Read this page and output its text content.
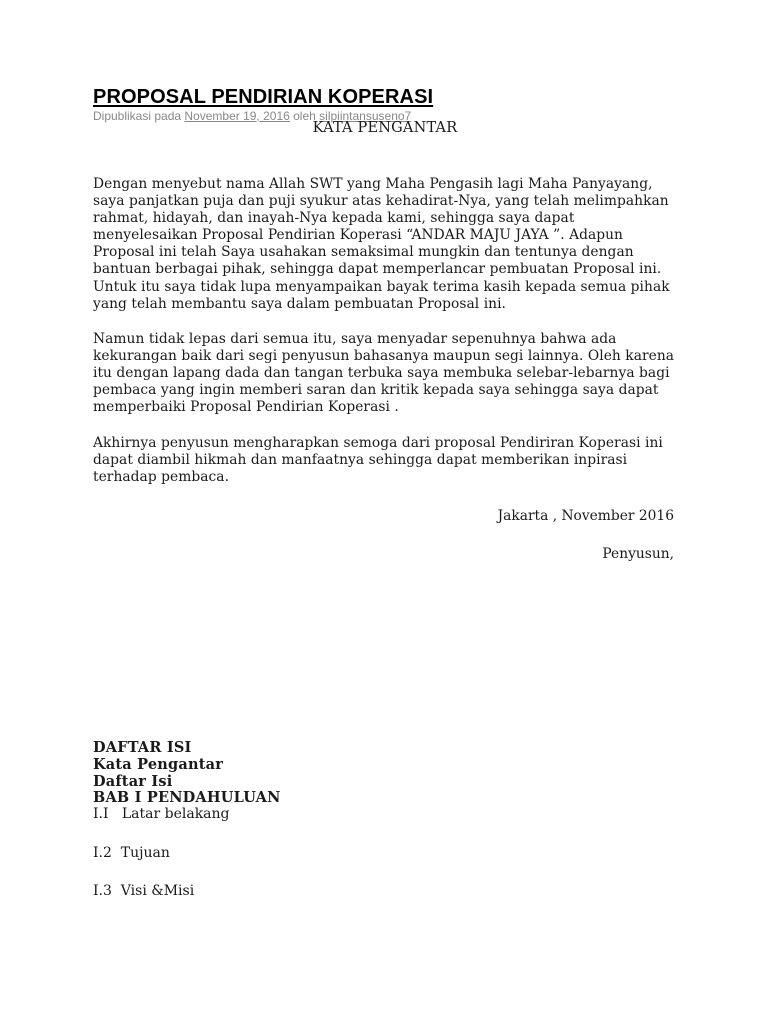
PROPOSAL PENDIRIAN KOPERASI
Dipublikasi pada November 19, 2016 oleh silpiintansuseno7
KATA PENGANTAR

Dengan menyebut nama Allah SWT yang Maha Pengasih lagi Maha Panyayang, saya panjatkan puja dan puji syukur atas kehadirat-Nya, yang telah melimpahkan rahmat, hidayah, dan inayah-Nya kepada kami, sehingga saya dapat menyelesaikan Proposal Pendirian Koperasi “ANDAR MAJU JAYA ”. Adapun Proposal ini telah Saya usahakan semaksimal mungkin dan tentunya dengan bantuan berbagai pihak, sehingga dapat memperlancar pembuatan Proposal ini. Untuk itu saya tidak lupa menyampaikan bayak terima kasih kepada semua pihak yang telah membantu saya dalam pembuatan Proposal ini.

Namun tidak lepas dari semua itu, saya menyadar sepenuhnya bahwa ada kekurangan baik dari segi penyusun bahasanya maupun segi lainnya. Oleh karena itu dengan lapang dada dan tangan terbuka saya membuka selebar-lebarnya bagi pembaca yang ingin memberi saran dan kritik kepada saya sehingga saya dapat memperbaiki Proposal Pendirian Koperasi .

Akhirnya penyusun mengharapkan semoga dari proposal Pendiriran Koperasi ini dapat diambil hikmah dan manfaatnya sehingga dapat memberikan inpirasi terhadap pembaca.

Jakarta , November 2016
Penyusun,
DAFTAR ISI
Kata Pengantar
Daftar Isi
BAB I PENDAHULUAN
I.I   Latar belakang
I.2  Tujuan
I.3  Visi &Misi
